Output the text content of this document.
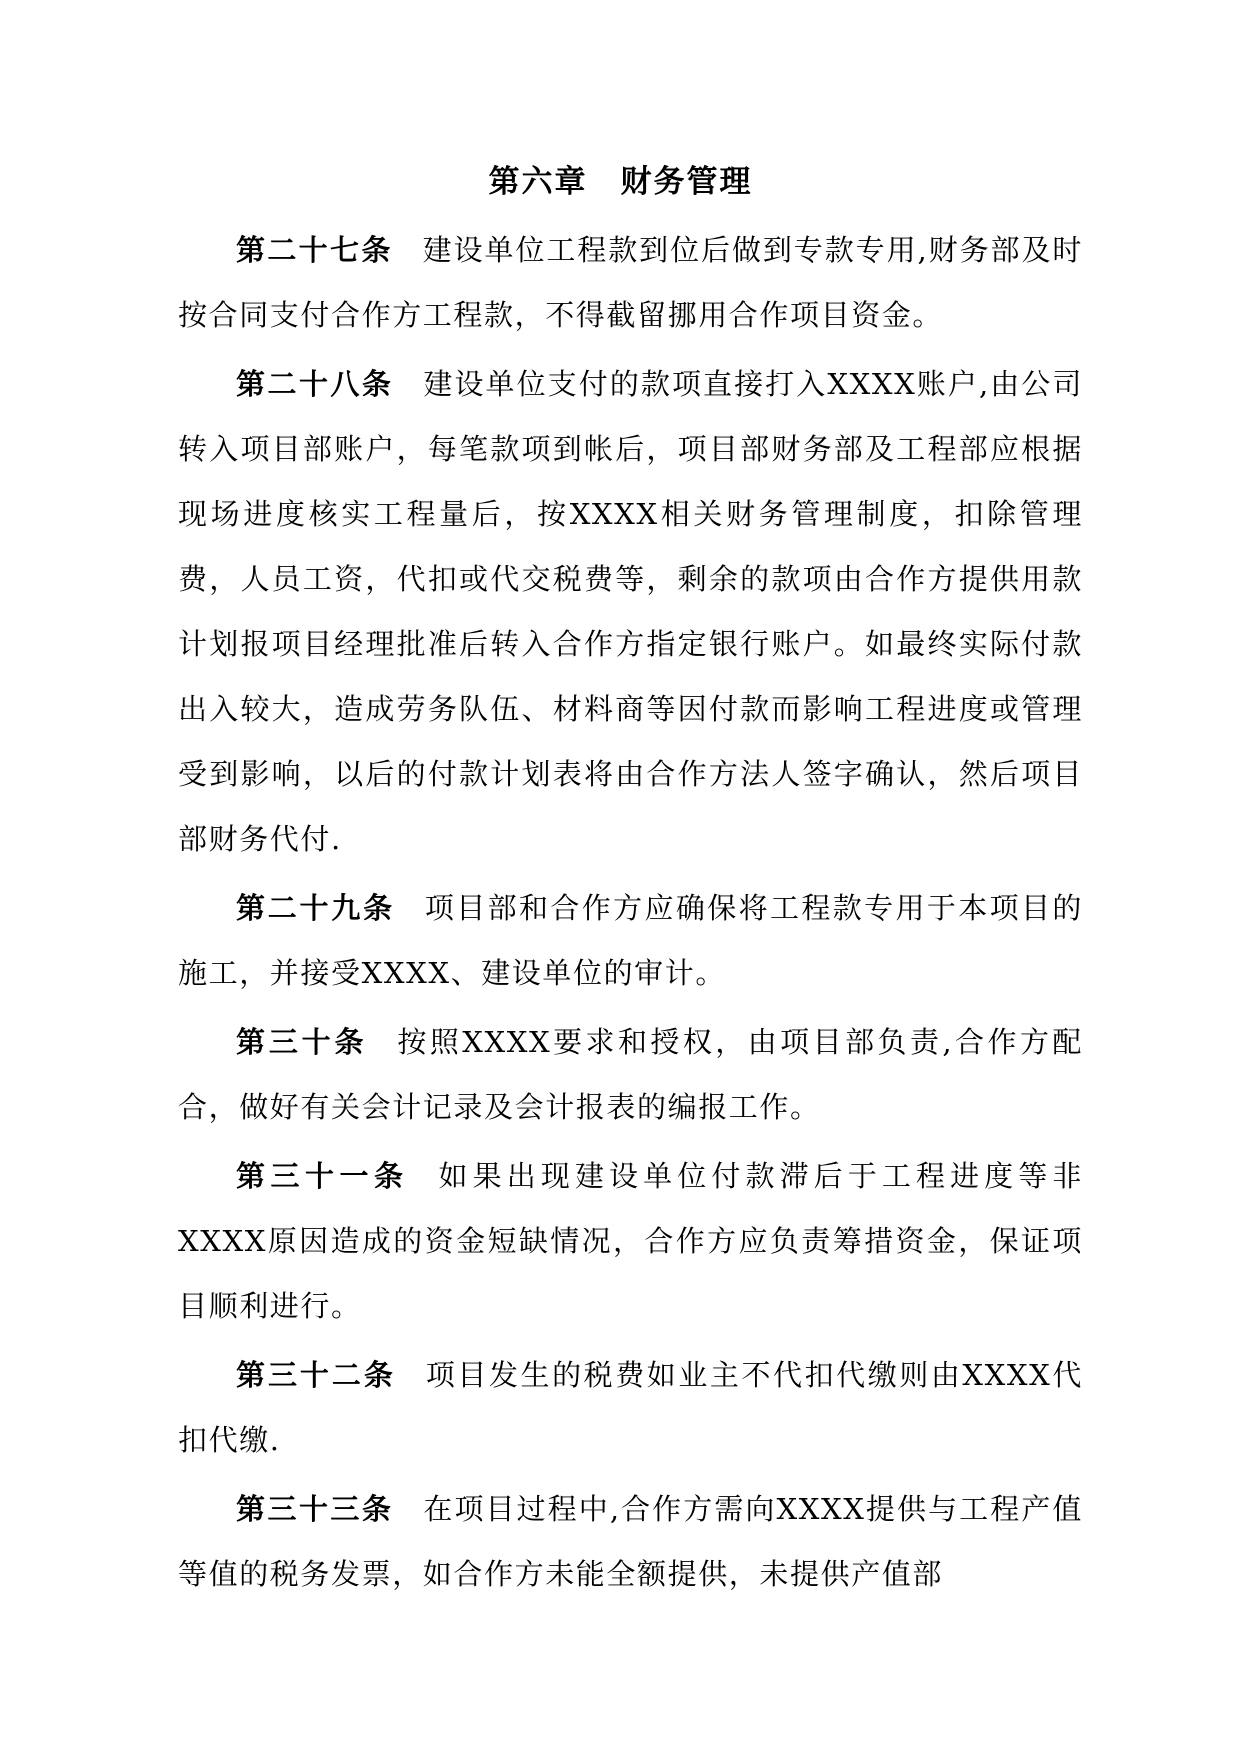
第六章　财务管理

第二十七条 建设单位工程款到位后做到专款专用,财务部及时按合同支付合作方工程款，不得截留挪用合作项目资金。

第二十八条 建设单位支付的款项直接打入XXXX账户,由公司转入项目部账户，每笔款项到帐后，项目部财务部及工程部应根据现场进度核实工程量后，按XXXX相关财务管理制度，扣除管理费，人员工资，代扣或代交税费等，剩余的款项由合作方提供用款计划报项目经理批准后转入合作方指定银行账户。如最终实际付款出入较大，造成劳务队伍、材料商等因付款而影响工程进度或管理受到影响，以后的付款计划表将由合作方法人签字确认，然后项目部财务代付.

第二十九条 项目部和合作方应确保将工程款专用于本项目的施工，并接受XXXX、建设单位的审计。

第三十条 按照XXXX要求和授权，由项目部负责,合作方配合，做好有关会计记录及会计报表的编报工作。

第三十一条 如果出现建设单位付款滞后于工程进度等非XXXX原因造成的资金短缺情况，合作方应负责筹措资金，保证项目顺利进行。

第三十二条 项目发生的税费如业主不代扣代缴则由XXXX代扣代缴.

第三十三条 在项目过程中,合作方需向XXXX提供与工程产值等值的税务发票，如合作方未能全额提供，未提供产值部
